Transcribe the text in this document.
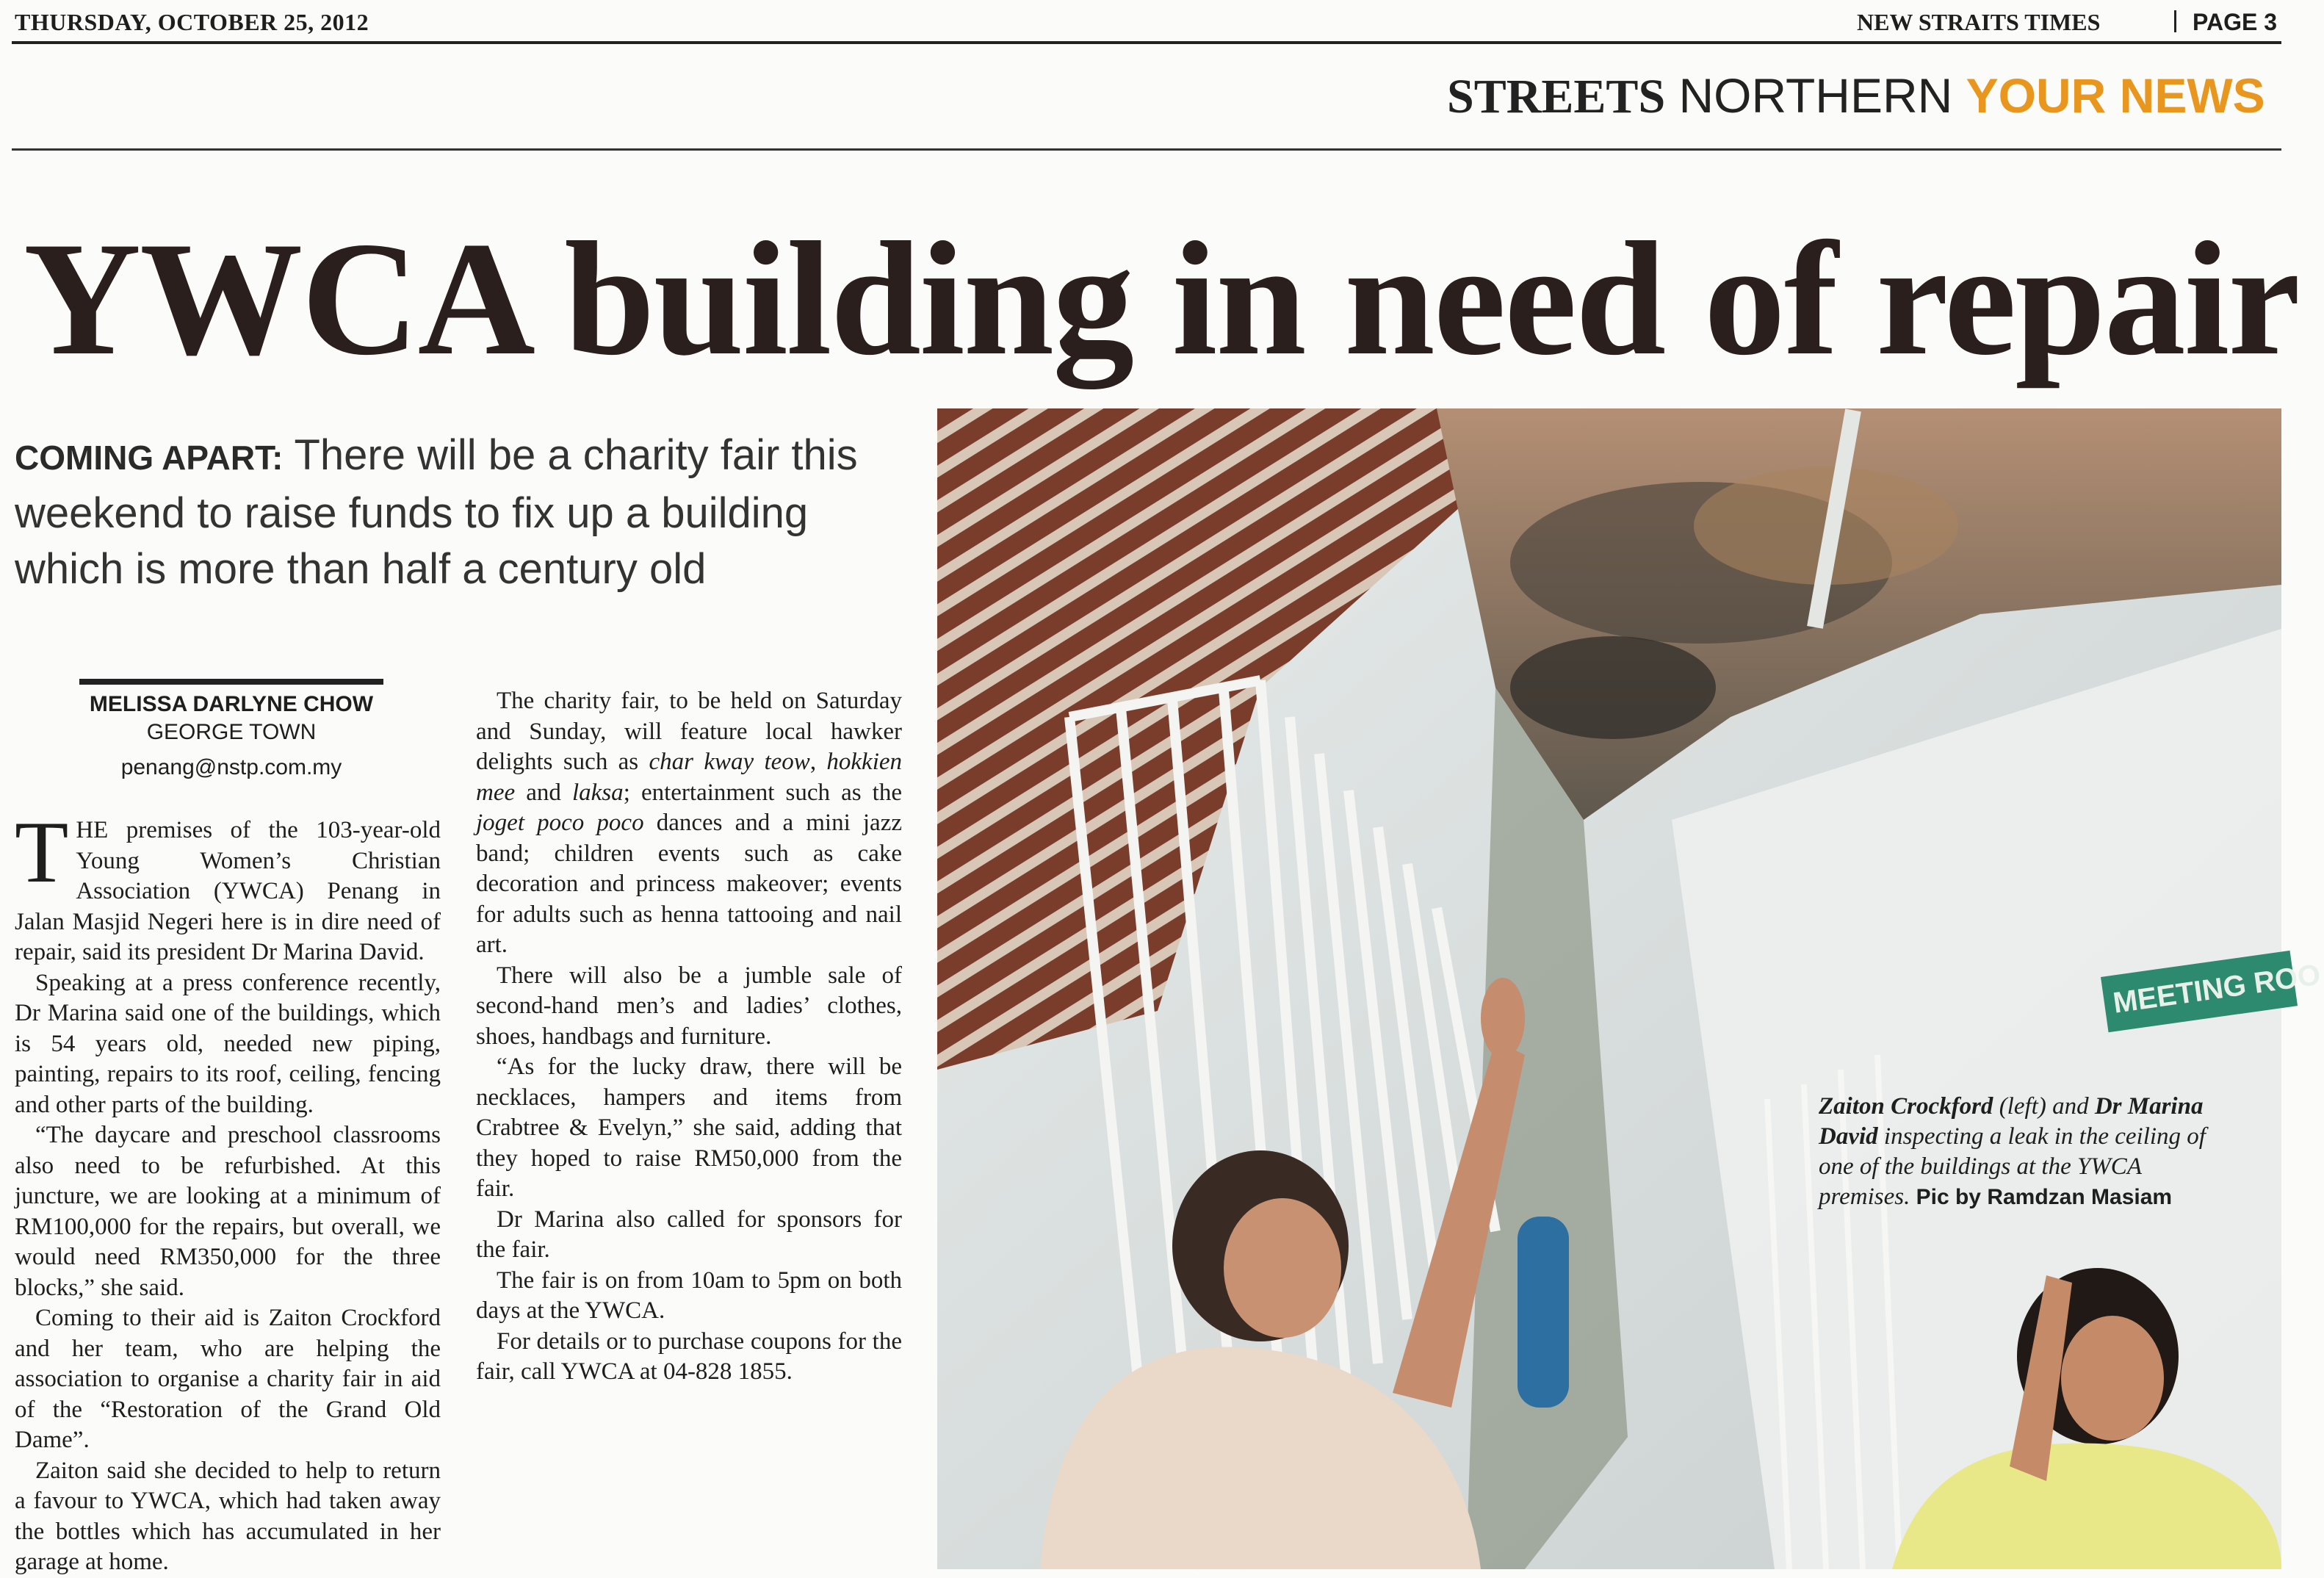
THURSDAY, OCTOBER 25, 2012	NEW STRAITS TIMES	PAGE 3
STREETS NORTHERN YOUR NEWS
YWCA building in need of repair
COMING APART: There will be a charity fair this weekend to raise funds to fix up a building which is more than half a century old
MELISSA DARLYNE CHOW
GEORGE TOWN
penang@nstp.com.my

THE premises of the 103-year-old Young Women’s Christian Association (YWCA) Penang in Jalan Masjid Negeri here is in dire need of repair, said its president Dr Marina David.

Speaking at a press conference recently, Dr Marina said one of the buildings, which is 54 years old, needed new piping, painting, repairs to its roof, ceiling, fencing and other parts of the building.

“The daycare and preschool classrooms also need to be refurbished. At this juncture, we are looking at a minimum of RM100,000 for the repairs, but overall, we would need RM350,000 for the three blocks,” she said.

Coming to their aid is Zaiton Crockford and her team, who are helping the association to organise a charity fair in aid of the “Restoration of the Grand Old Dame”.

Zaiton said she decided to help to return a favour to YWCA, which had taken away the bottles which has accumulated in her garage at home.

The charity fair, to be held on Saturday and Sunday, will feature local hawker delights such as char kway teow, hokkien mee and laksa; entertainment such as the joget poco poco dances and a mini jazz band; children events such as cake decoration and princess makeover; events for adults such as henna tattooing and nail art.

There will also be a jumble sale of second-hand men’s and ladies’ clothes, shoes, handbags and furniture.

“As for the lucky draw, there will be necklaces, hampers and items from Crabtree & Evelyn,” she said, adding that they hoped to raise RM50,000 from the fair.

Dr Marina also called for sponsors for the fair.

The fair is on from 10am to 5pm on both days at the YWCA.

For details or to purchase coupons for the fair, call YWCA at 04-828 1855.

MEETING ROO
Zaiton Crockford (left) and Dr Marina David inspecting a leak in the ceiling of one of the buildings at the YWCA premises. Pic by Ramdzan Masiam
